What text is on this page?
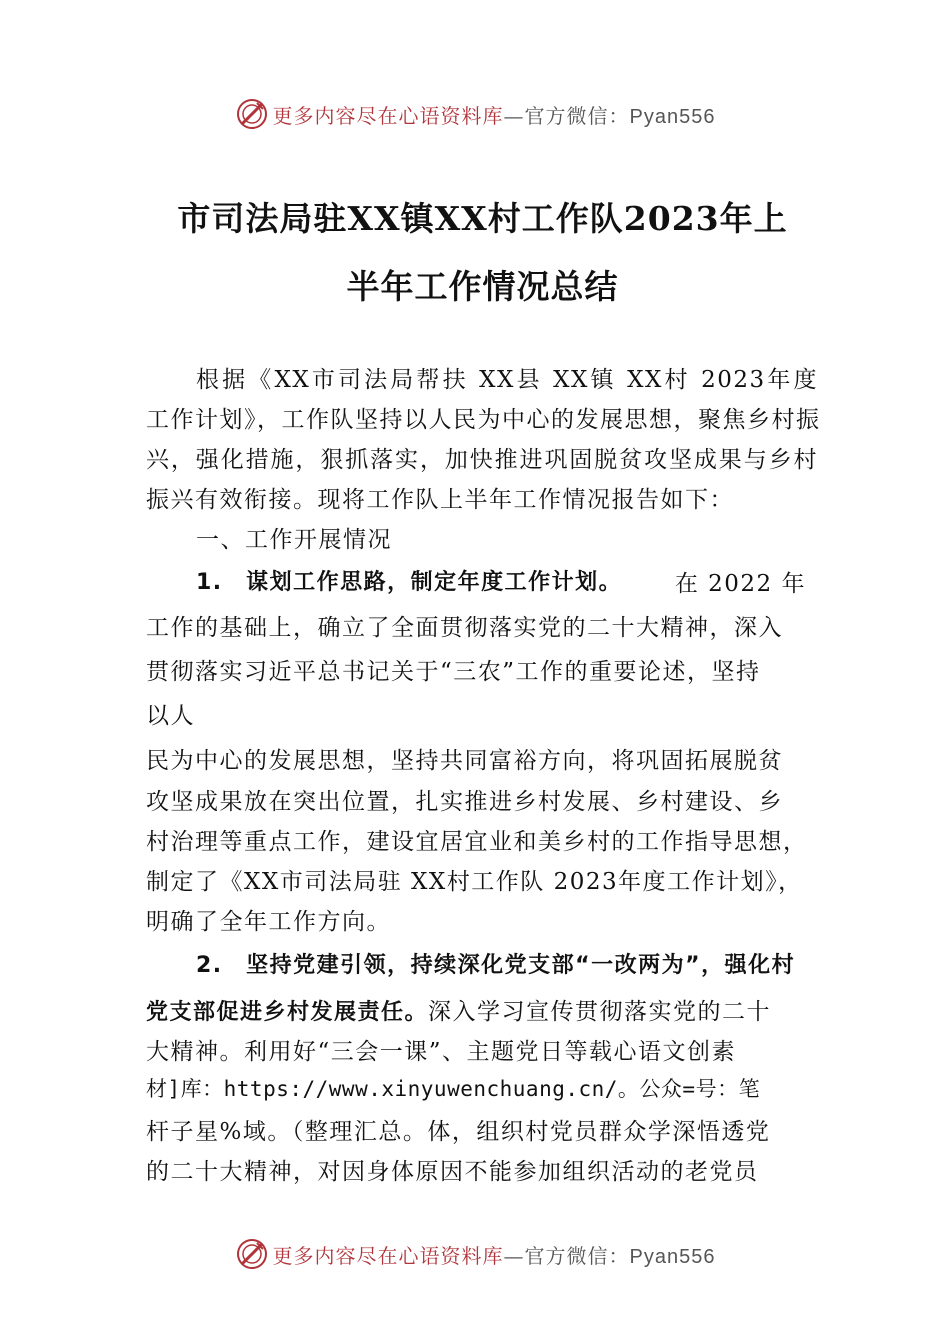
更多内容尽在心语资料库—官方微信：Pyan556
市司法局驻XX镇XX村工作队2023年上
半年工作情况总结
根据《XX市司法局帮扶 XX县 XX镇 XX村 2023年度
工作计划》，工作队坚持以人民为中心的发展思想，聚焦乡村振
兴，强化措施，狠抓落实，加快推进巩固脱贫攻坚成果与乡村
振兴有效衔接。现将工作队上半年工作情况报告如下：
一、工作开展情况
1.　谋划工作思路，制定年度工作计划。 在 2022 年
工作的基础上，确立了全面贯彻落实党的二十大精神，深入
贯彻落实习近平总书记关于“三农”工作的重要论述，坚持
以人
民为中心的发展思想，坚持共同富裕方向，将巩固拓展脱贫
攻坚成果放在突出位置，扎实推进乡村发展、乡村建设、乡
村治理等重点工作，建设宜居宜业和美乡村的工作指导思想，
制定了《XX市司法局驻 XX村工作队 2023年度工作计划》，
明确了全年工作方向。
2.　坚持党建引领，持续深化党支部“一改两为”，强化村
党支部促进乡村发展责任。深入学习宣传贯彻落实党的二十
大精神。利用好“三会一课”、主题党日等载心语文创素
材]库：https://www.xinyuwenchuang.cn/。公众=号：笔
杆子星%域。（整理汇总。体，组织村党员群众学深悟透党
的二十大精神，对因身体原因不能参加组织活动的老党员
更多内容尽在心语资料库—官方微信：Pyan556
